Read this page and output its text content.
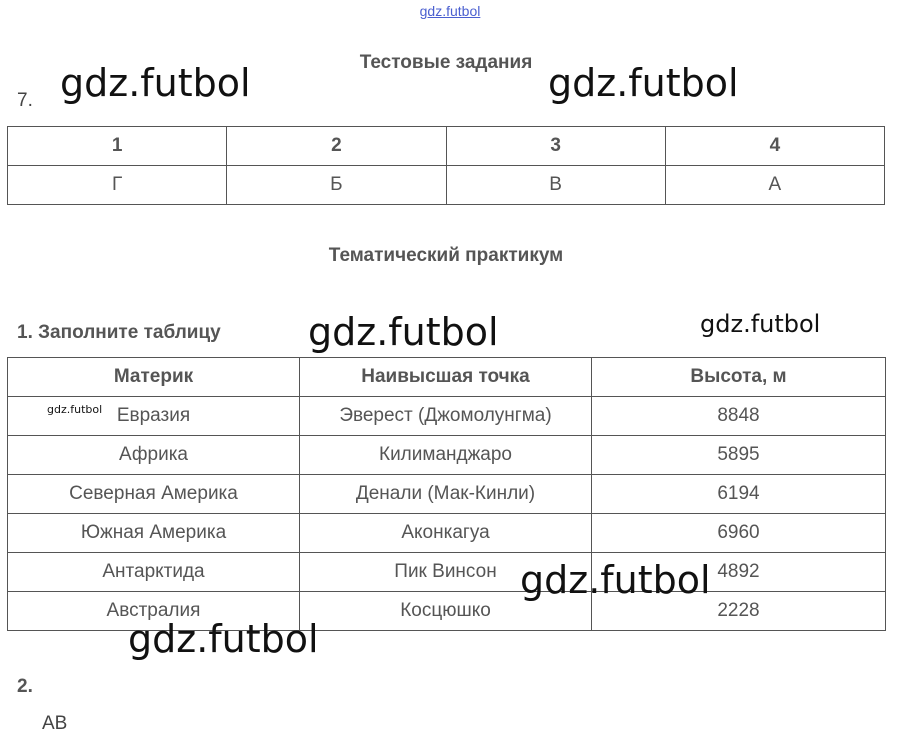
gdz.futbol
Тестовые задания
7.
1	2	3	4
Г	Б	В	А
Тематический практикум
1. Заполните таблицу
Материк	Наивысшая точка	Высота, м
Евразия	Эверест (Джомолунгма)	8848
Африка	Килиманджаро	5895
Северная Америка	Денали (Мак-Кинли)	6194
Южная Америка	Аконкагуа	6960
Антарктида	Пик Винсон	4892
Австралия	Косцюшко	2228
2.
АВ
gdz.futbol	gdz.futbol
gdz.futbol	gdz.futbol
gdz.futbol
gdz.futbol
gdz.futbol
